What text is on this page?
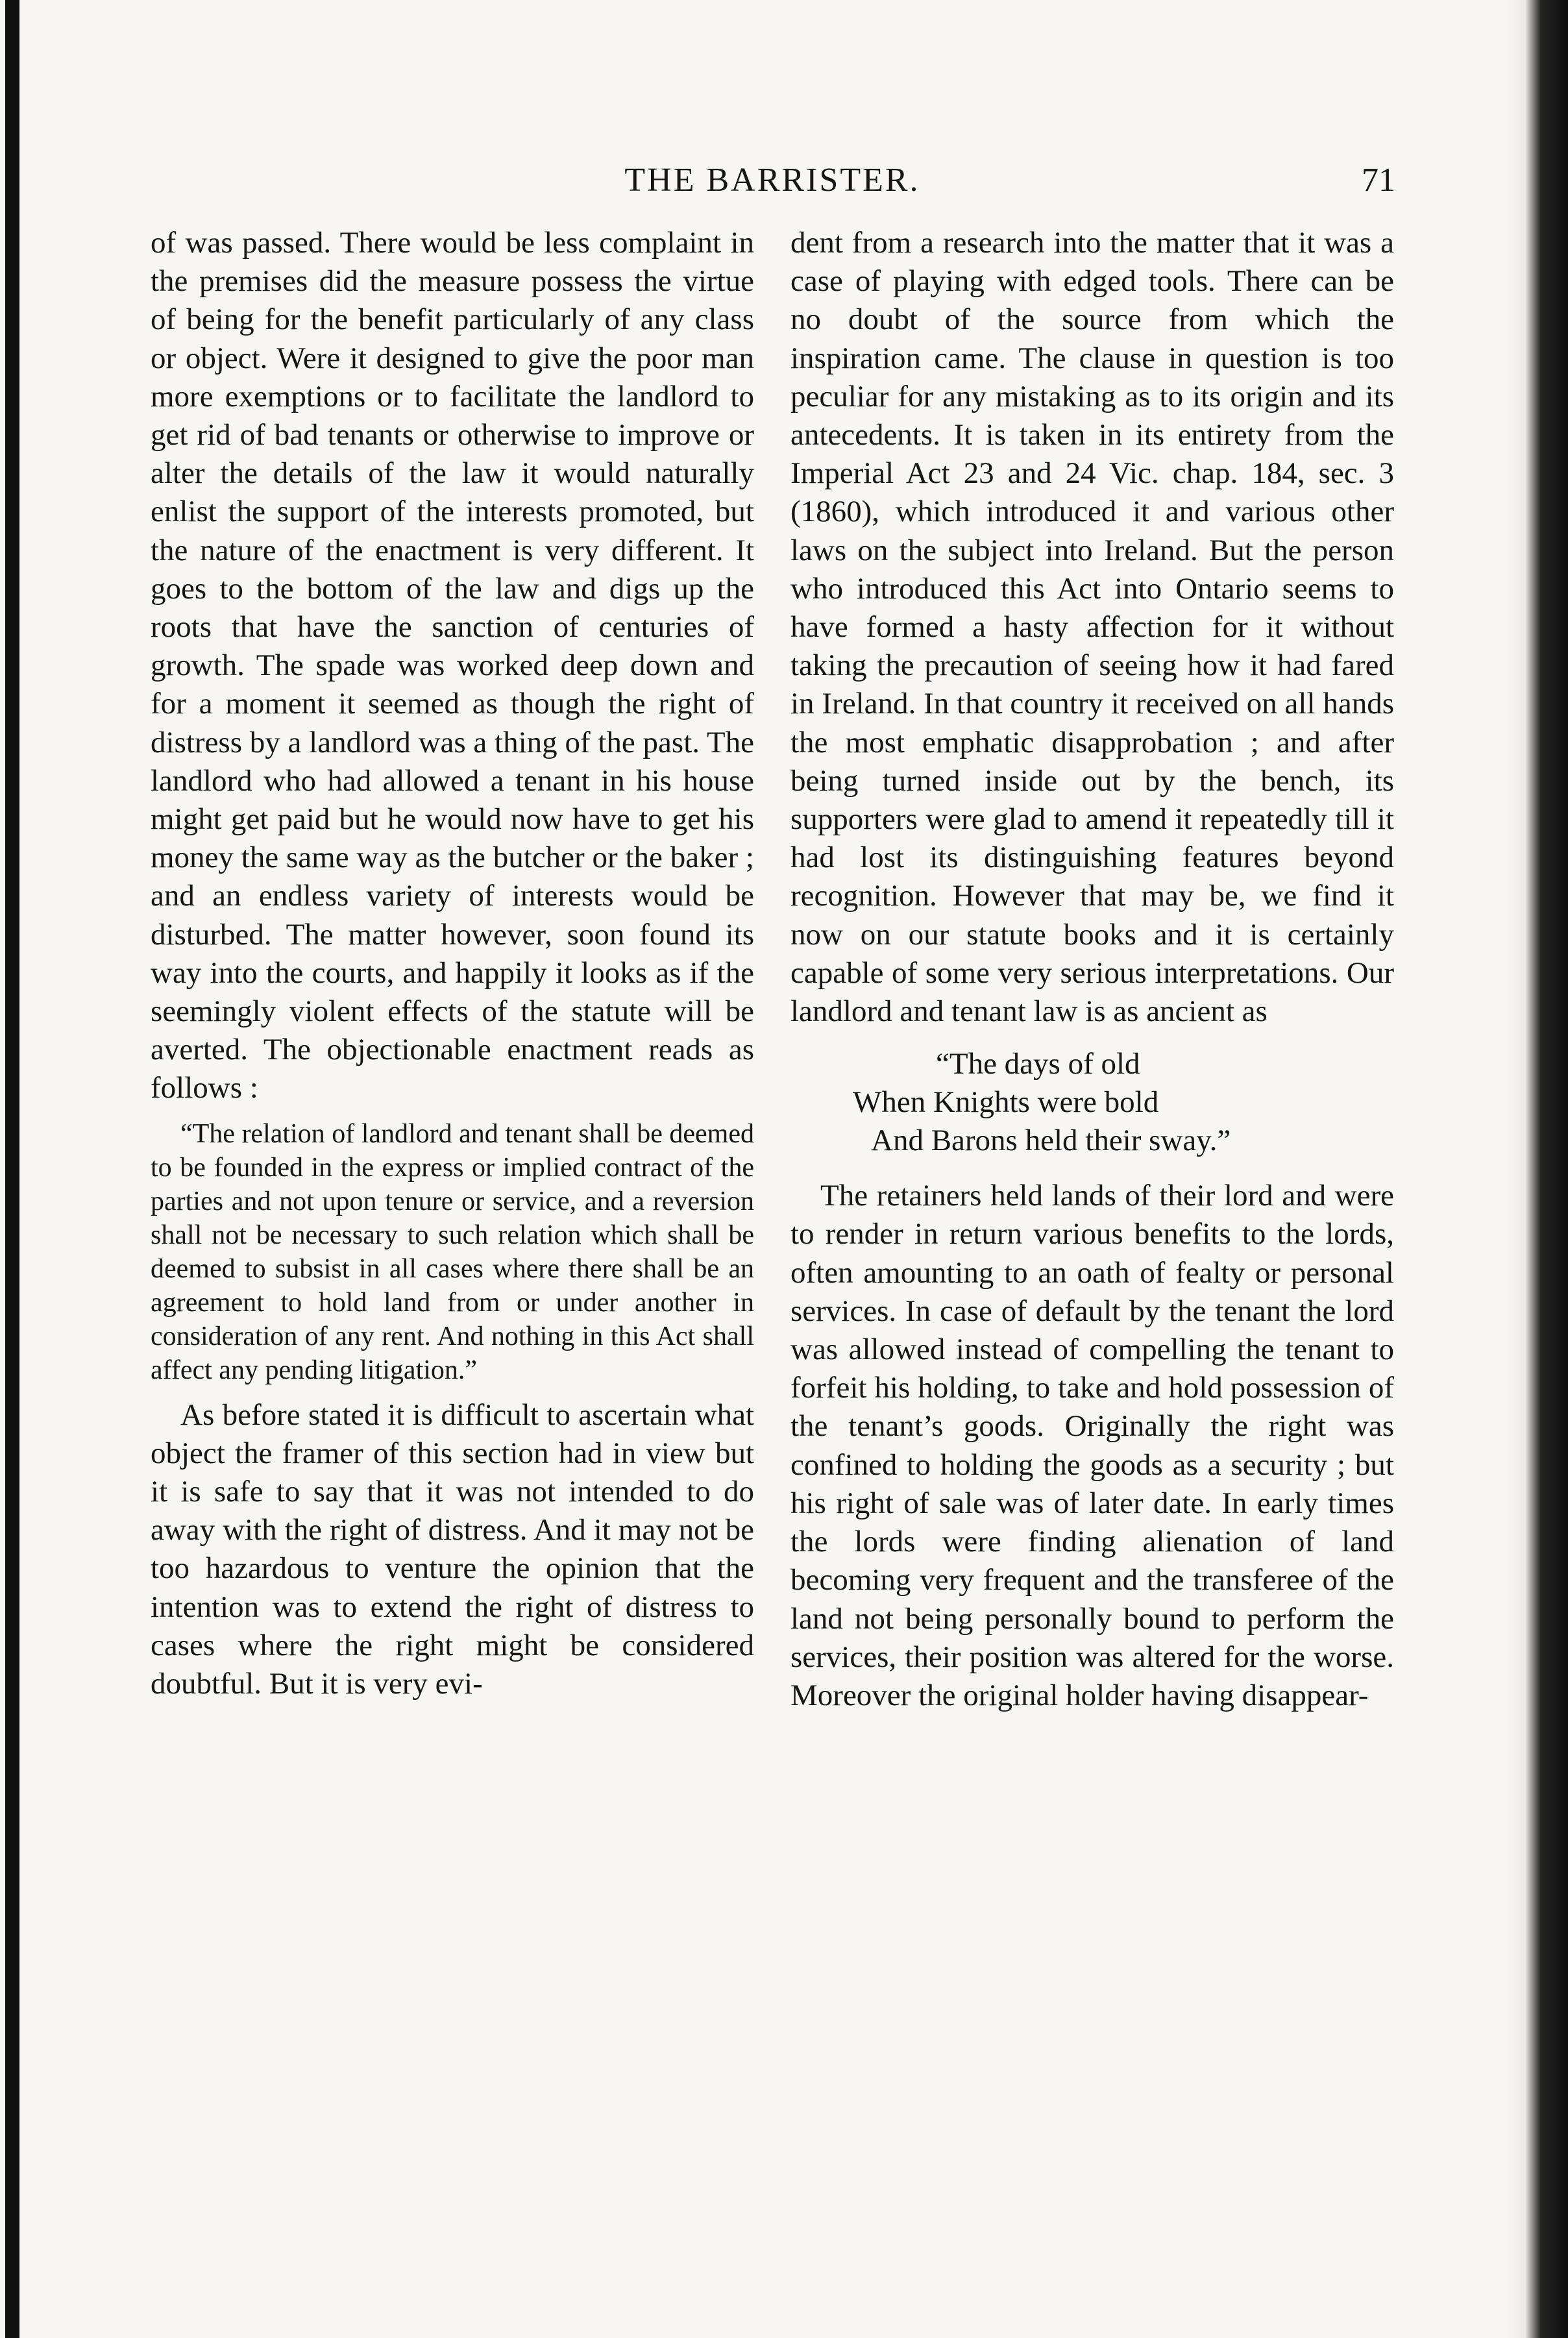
THE BARRISTER.	71

of was passed. There would be less complaint in the premises did the measure possess the virtue of being for the benefit particularly of any class or object. Were it designed to give the poor man more exemptions or to facilitate the landlord to get rid of bad tenants or otherwise to improve or alter the details of the law it would naturally enlist the support of the interests promoted, but the nature of the enactment is very different. It goes to the bottom of the law and digs up the roots that have the sanction of centuries of growth. The spade was worked deep down and for a moment it seemed as though the right of distress by a landlord was a thing of the past. The landlord who had allowed a tenant in his house might get paid but he would now have to get his money the same way as the butcher or the baker ; and an endless variety of interests would be disturbed. The matter however, soon found its way into the courts, and happily it looks as if the seemingly violent effects of the statute will be averted. The objectionable enactment reads as follows :

“The relation of landlord and tenant shall be deemed to be founded in the express or implied contract of the parties and not upon tenure or service, and a reversion shall not be necessary to such relation which shall be deemed to subsist in all cases where there shall be an agreement to hold land from or under another in consideration of any rent. And nothing in this Act shall affect any pending litigation.”

As before stated it is difficult to ascertain what object the framer of this section had in view but it is safe to say that it was not intended to do away with the right of distress. And it may not be too hazardous to venture the opinion that the intention was to extend the right of distress to cases where the right might be considered doubtful. But it is very evi-

dent from a research into the matter that it was a case of playing with edged tools. There can be no doubt of the source from which the inspiration came. The clause in question is too peculiar for any mistaking as to its origin and its antecedents. It is taken in its entirety from the Imperial Act 23 and 24 Vic. chap. 184, sec. 3 (1860), which introduced it and various other laws on the subject into Ireland. But the person who introduced this Act into Ontario seems to have formed a hasty affection for it without taking the precaution of seeing how it had fared in Ireland. In that country it received on all hands the most emphatic disapprobation ; and after being turned inside out by the bench, its supporters were glad to amend it repeatedly till it had lost its distinguishing features beyond recognition. However that may be, we find it now on our statute books and it is certainly capable of some very serious interpretations. Our landlord and tenant law is as ancient as

“The days of old
When Knights were bold
And Barons held their sway.”

The retainers held lands of their lord and were to render in return various benefits to the lords, often amounting to an oath of fealty or personal services. In case of default by the tenant the lord was allowed instead of compelling the tenant to forfeit his holding, to take and hold possession of the tenant’s goods. Originally the right was confined to holding the goods as a security ; but his right of sale was of later date. In early times the lords were finding alienation of land becoming very frequent and the transferee of the land not being personally bound to perform the services, their position was altered for the worse. Moreover the original holder having disappear-
